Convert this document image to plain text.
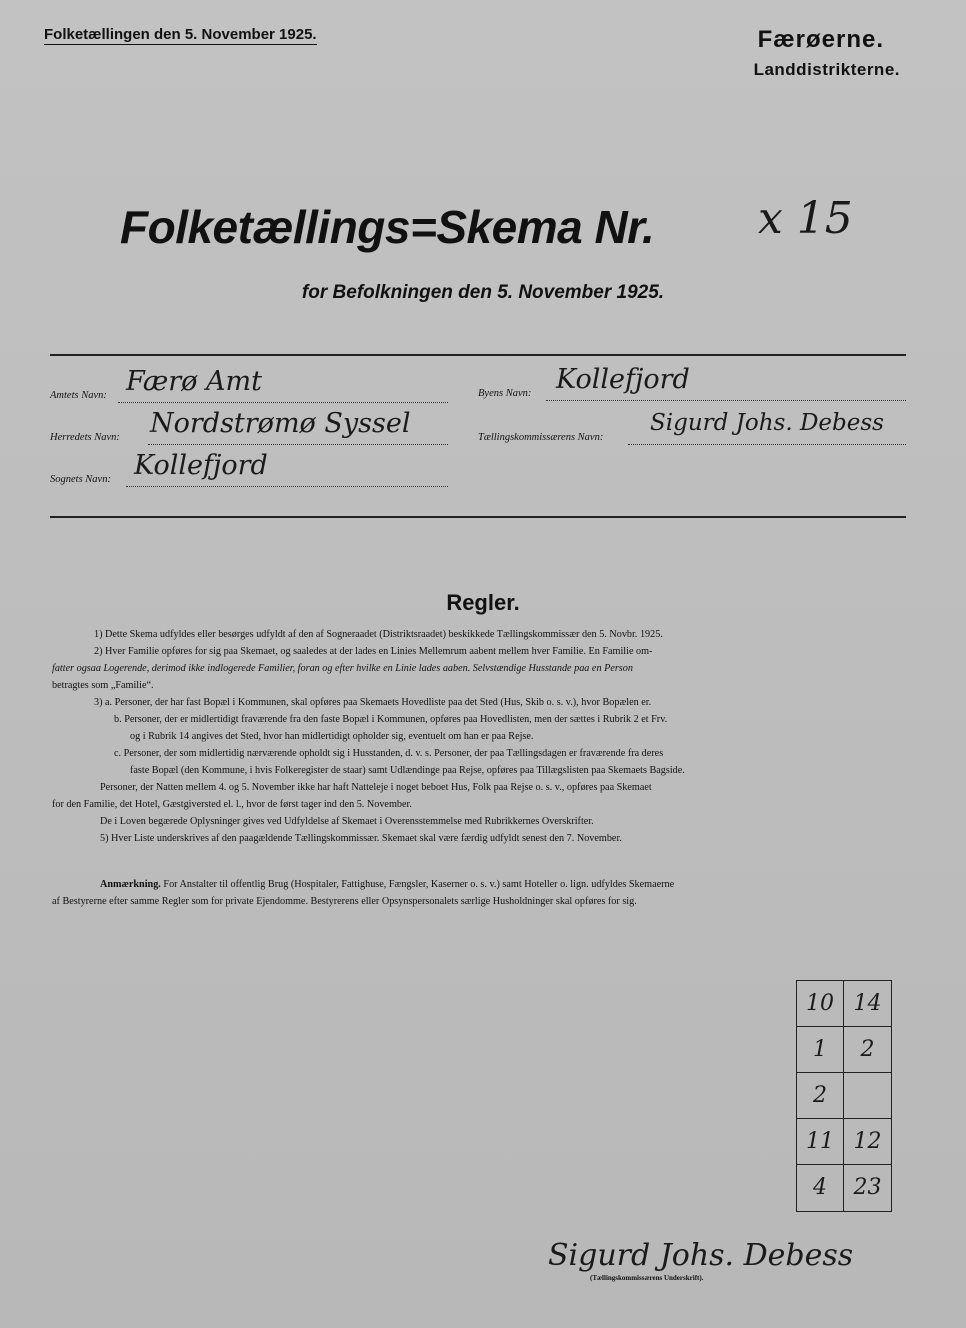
Folketællingen den 5. November 1925.	Færøerne.
Landdistrikterne.
Folketællings=Skema Nr. x 15
for Befolkningen den 5. November 1925.
Amtets Navn: Færø Amt
Herredets Navn: Nordstrømø Syssel
Sognets Navn: Kollefjord
Byens Navn: Kollefjord
Tællingskommissærens Navn:
Sigurd Johs. Debess
Regler.
1) Dette Skema udfyldes eller besørges udfyldt af den af Sogneraadet (Distriktsraadet) beskikkede Tællingskommissær den 5. Novbr. 1925.
2) Hver Familie opføres for sig paa Skemaet, og saaledes at der lades en Linies Mellemrum aabent mellem hver Familie. En Familie om-
fatter ogsaa Logerende, derimod ikke indlogerede Familier, foran og efter hvilke en Linie lades aaben. Selvstændige Husstande paa en Person
betragtes som „Familie“.
3) a. Personer, der har fast Bopæl i Kommunen, skal opføres paa Skemaets Hovedliste paa det Sted (Hus, Skib o. s. v.), hvor Bopælen er.
b. Personer, der er midlertidigt fraværende fra den faste Bopæl i Kommunen, opføres paa Hovedlisten, men der sættes i Rubrik 2 et Frv.
og i Rubrik 14 angives det Sted, hvor han midlertidigt opholder sig, eventuelt om han er paa Rejse.
c. Personer, der som midlertidig nærværende opholdt sig i Husstanden, d. v. s. Personer, der paa Tællingsdagen er fraværende fra deres
faste Bopæl (den Kommune, i hvis Folkeregister de staar) samt Udlændinge paa Rejse, opføres paa Tillægslisten paa Skemaets Bagside.
Personer, der Natten mellem 4. og 5. November ikke har haft Natteleje i noget beboet Hus, Folk paa Rejse o. s. v., opføres paa Skemaet
for den Familie, det Hotel, Gæstgiversted el. l., hvor de først tager ind den 5. November.
De i Loven begærede Oplysninger gives ved Udfyldelse af Skemaet i Overensstemmelse med Rubrikkernes Overskrifter.
5) Hver Liste underskrives af den paagældende Tællingskommissær. Skemaet skal være færdig udfyldt senest den 7. November.
Anmærkning. For Anstalter til offentlig Brug (Hospitaler, Fattighuse, Fængsler, Kaserner o. s. v.) samt Hoteller o. lign. udfyldes Skemaerne
af Bestyrerne efter samme Regler som for private Ejendomme. Bestyrerens eller Opsynspersonalets særlige Husholdninger skal opføres for sig.
10 14
1	2
2
11 12
4	23
Sigurd Johs. Debess
(Tællingskommissærens Underskrift).
